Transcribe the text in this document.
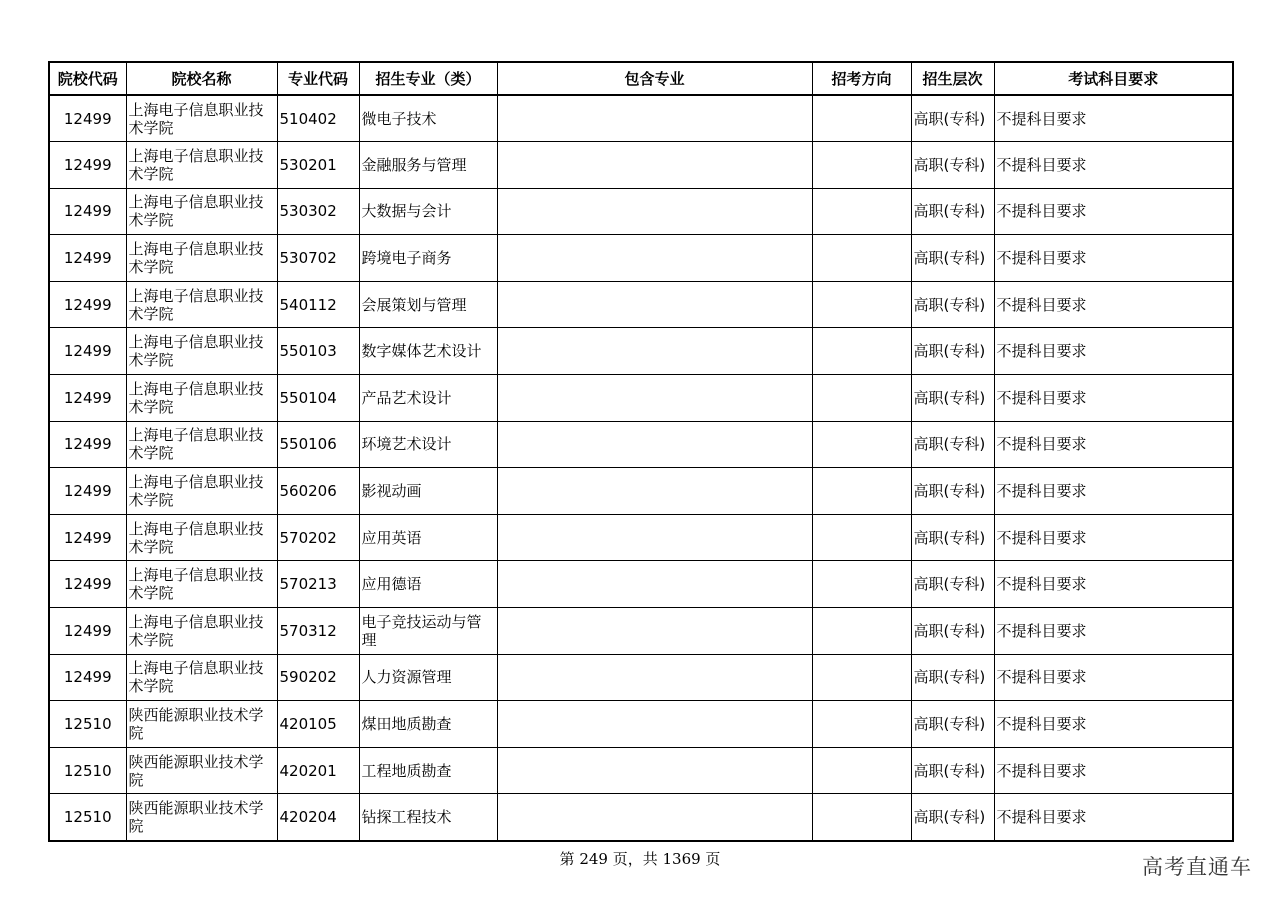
院校代码	院校名称	专业代码	招生专业（类）	包含专业	招考方向	招生层次	考试科目要求
12499	上海电子信息职业技术学院	510402	微电子技术			高职(专科)	不提科目要求
12499	上海电子信息职业技术学院	530201	金融服务与管理			高职(专科)	不提科目要求
12499	上海电子信息职业技术学院	530302	大数据与会计			高职(专科)	不提科目要求
12499	上海电子信息职业技术学院	530702	跨境电子商务			高职(专科)	不提科目要求
12499	上海电子信息职业技术学院	540112	会展策划与管理			高职(专科)	不提科目要求
12499	上海电子信息职业技术学院	550103	数字媒体艺术设计			高职(专科)	不提科目要求
12499	上海电子信息职业技术学院	550104	产品艺术设计			高职(专科)	不提科目要求
12499	上海电子信息职业技术学院	550106	环境艺术设计			高职(专科)	不提科目要求
12499	上海电子信息职业技术学院	560206	影视动画			高职(专科)	不提科目要求
12499	上海电子信息职业技术学院	570202	应用英语			高职(专科)	不提科目要求
12499	上海电子信息职业技术学院	570213	应用德语			高职(专科)	不提科目要求
12499	上海电子信息职业技术学院	570312	电子竞技运动与管理			高职(专科)	不提科目要求
12499	上海电子信息职业技术学院	590202	人力资源管理			高职(专科)	不提科目要求
12510	陕西能源职业技术学院	420105	煤田地质勘查			高职(专科)	不提科目要求
12510	陕西能源职业技术学院	420201	工程地质勘查			高职(专科)	不提科目要求
12510	陕西能源职业技术学院	420204	钻探工程技术			高职(专科)	不提科目要求
第 249 页，共 1369 页	高考直通车
